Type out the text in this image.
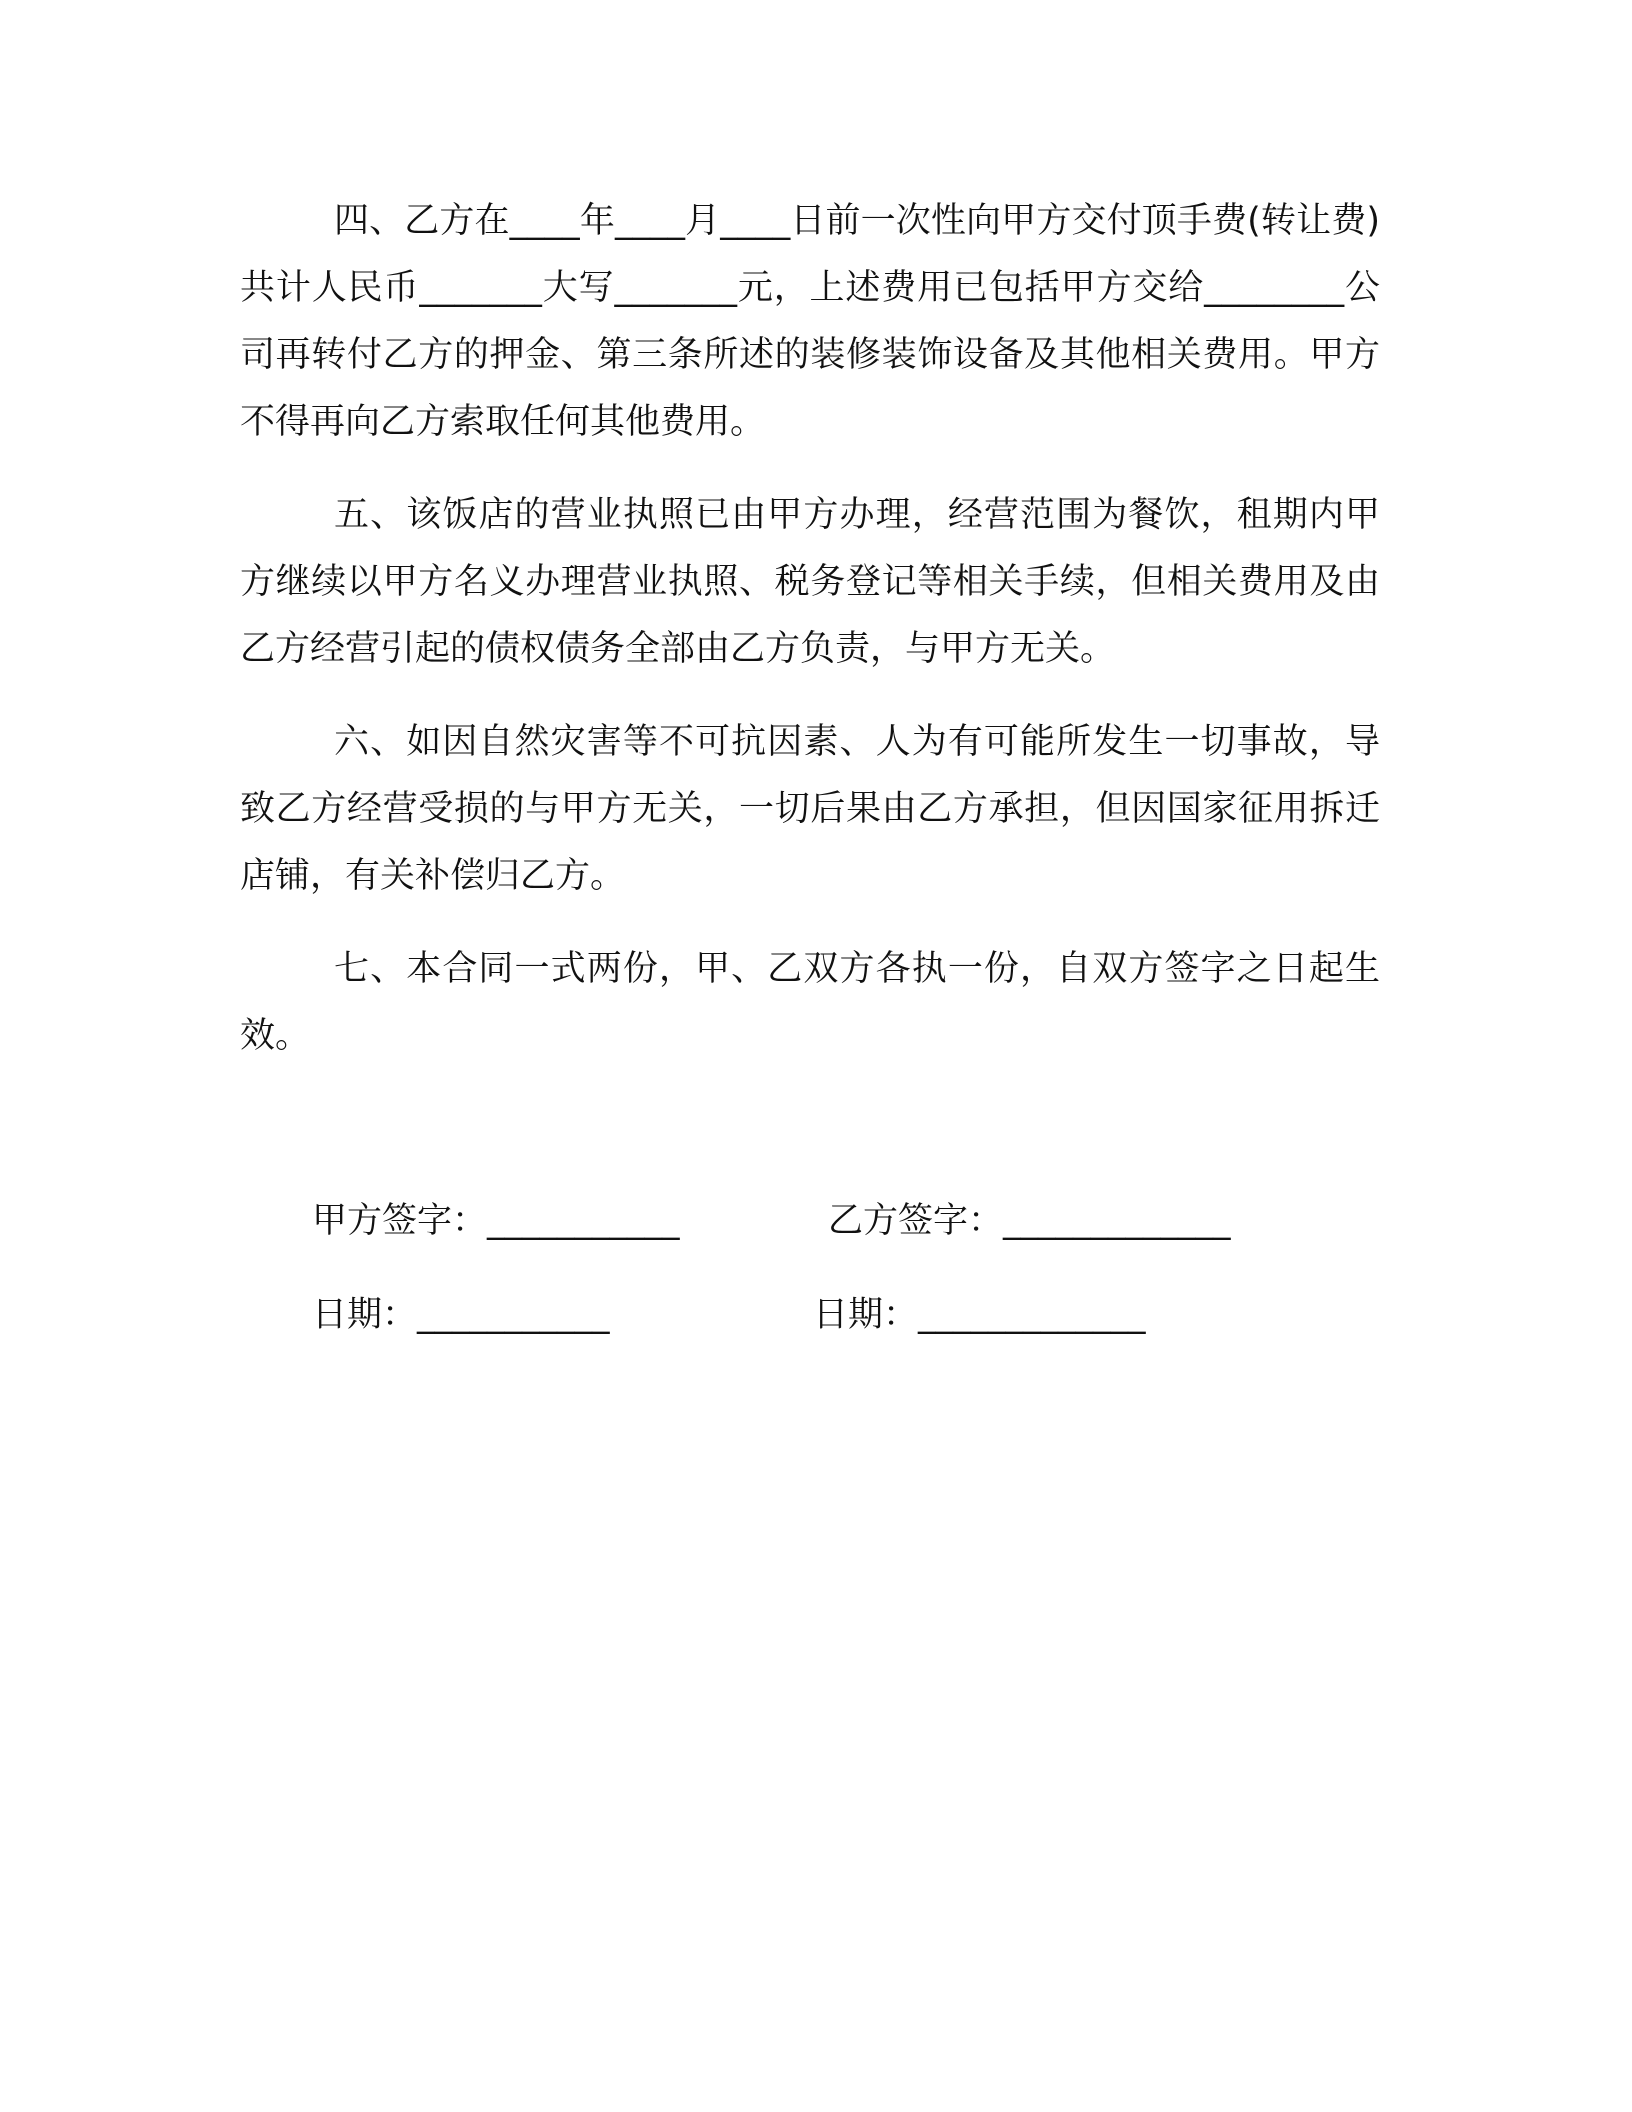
四、乙方在____年____月____日前一次性向甲方交付顶手费(转让费)共计人民币_______大写_______元，上述费用已包括甲方交给________公司再转付乙方的押金、第三条所述的装修装饰设备及其他相关费用。甲方不得再向乙方索取任何其他费用。

五、该饭店的营业执照已由甲方办理，经营范围为餐饮，租期内甲方继续以甲方名义办理营业执照、税务登记等相关手续，但相关费用及由乙方经营引起的债权债务全部由乙方负责，与甲方无关。

六、如因自然灾害等不可抗因素、人为有可能所发生一切事故，导致乙方经营受损的与甲方无关，一切后果由乙方承担，但因国家征用拆迁店铺，有关补偿归乙方。

七、本合同一式两份，甲、乙双方各执一份，自双方签字之日起生效。

甲方签字：___________	乙方签字：_____________
日期：___________	日期：_____________
